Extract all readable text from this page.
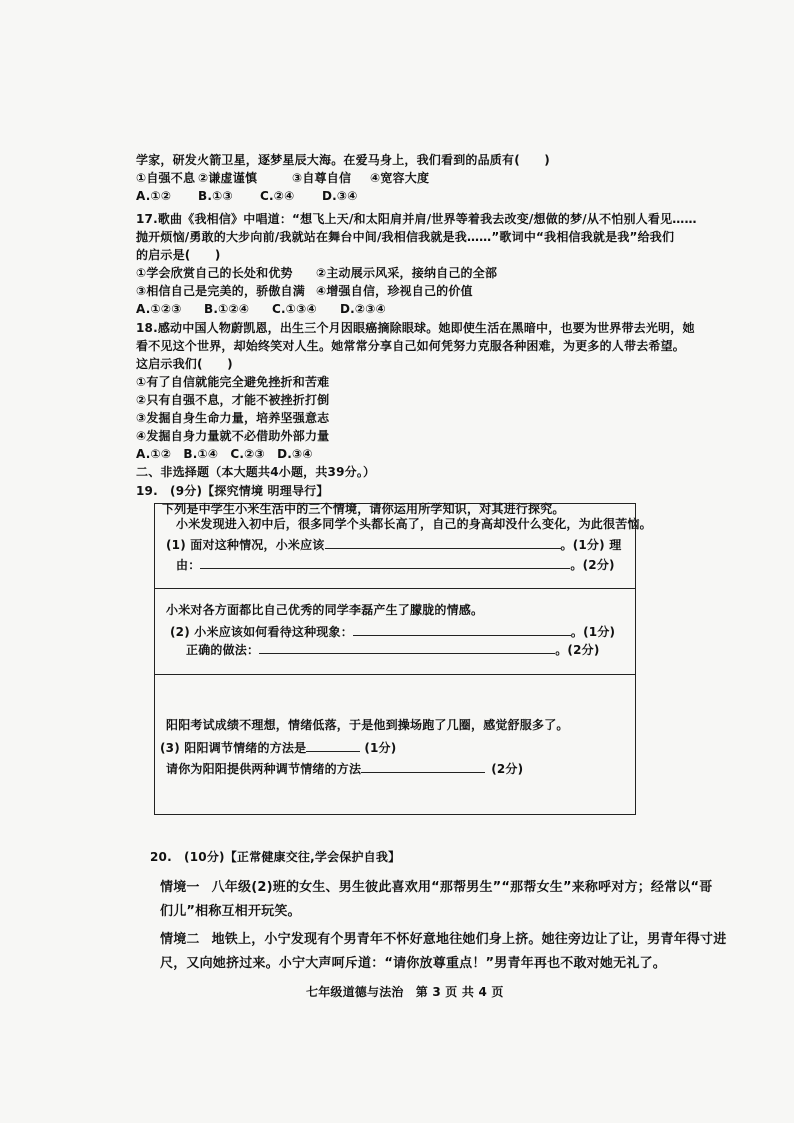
学家，研发火箭卫星，逐梦星辰大海。在爱马身上，我们看到的品质有(　　)
①自强不息 ②谦虚谨慎	③自尊自信 ④宽容大度
A.①② B.①③ C.②④ D.③④
17.歌曲《我相信》中唱道：“想飞上天/和太阳肩并肩/世界等着我去改变/想做的梦/从不怕别人看见……
抛开烦恼/勇敢的大步向前/我就站在舞台中间/我相信我就是我……”歌词中“我相信我就是我”给我们
的启示是(　　)
①学会欣赏自己的长处和优势 ②主动展示风采，接纳自己的全部
③相信自己是完美的，骄傲自满 ④增强自信，珍视自己的价值
A.①②③ B.①②④ C.①③④ D.②③④
18.感动中国人物蔚凯恩，出生三个月因眼癌摘除眼球。她即使生活在黑暗中，也要为世界带去光明，她
看不见这个世界，却始终笑对人生。她常常分享自己如何凭努力克服各种困难，为更多的人带去希望。
这启示我们(　　)
①有了自信就能完全避免挫折和苦难
②只有自强不息，才能不被挫折打倒
③发掘自身生命力量，培养坚强意志
④发掘自身力量就不必借助外部力量
A.①②　B.①④　C.②③　D.③④
二、非选择题（本大题共4小题，共39分。）
19.　(9分)【探究情境 明理导行】
下列是中学生小米生活中的三个情境，请你运用所学知识，对其进行探究。
小米发现进入初中后，很多同学个头都长高了，自己的身高却没什么变化，为此很苦恼。
(1) 面对这种情况，小米应该	。(1分) 理
由：	。(2分)
小米对各方面都比自己优秀的同学李磊产生了朦胧的情感。
(2) 小米应该如何看待这种现象：	。(1分)
正确的做法：	。(2分)
阳阳考试成绩不理想，情绪低落，于是他到操场跑了几圈，感觉舒服多了。
(3) 阳阳调节情绪的方法是	(1分)
请你为阳阳提供两种调节情绪的方法	(2分)
20.　(10分)【正常健康交往,学会保护自我】
情境一 八年级(2)班的女生、男生彼此喜欢用“那帮男生”“那帮女生”来称呼对方；经常以“哥
们儿”相称互相开玩笑。
情境二 地铁上，小宁发现有个男青年不怀好意地往她们身上挤。她往旁边让了让，男青年得寸进
尺，又向她挤过来。小宁大声呵斥道：“请你放尊重点！”男青年再也不敢对她无礼了。
七年级道德与法治　第 3 页 共 4 页
